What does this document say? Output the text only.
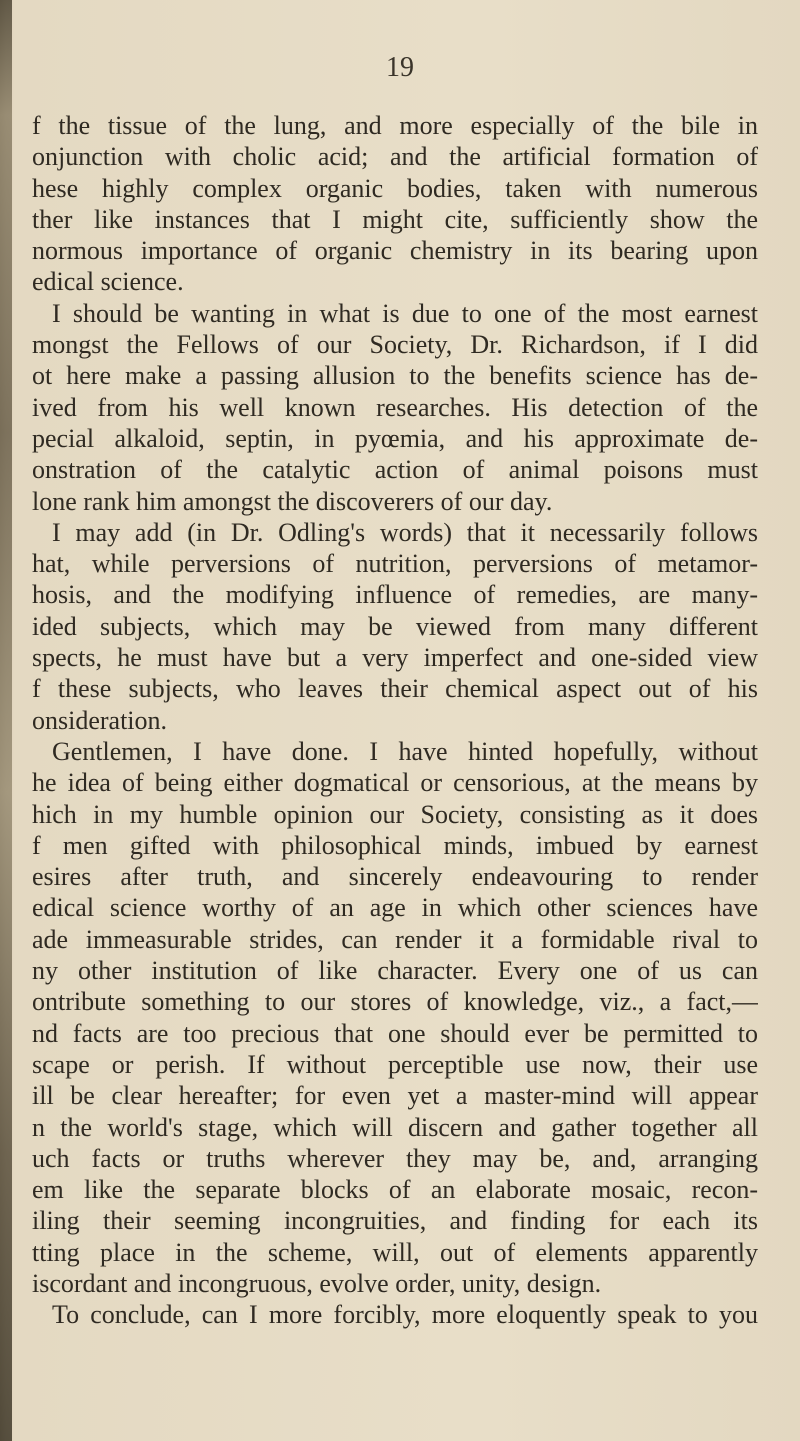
19
f the tissue of the lung, and more especially of the bile in
onjunction with cholic acid; and the artificial formation of
hese highly complex organic bodies, taken with numerous
ther like instances that I might cite, sufficiently show the
normous importance of organic chemistry in its bearing upon
edical science.
I should be wanting in what is due to one of the most earnest
mongst the Fellows of our Society, Dr. Richardson, if I did
ot here make a passing allusion to the benefits science has de-
ived from his well known researches. His detection of the
pecial alkaloid, septin, in pyœmia, and his approximate de-
onstration of the catalytic action of animal poisons must
lone rank him amongst the discoverers of our day.
I may add (in Dr. Odling's words) that it necessarily follows
hat, while perversions of nutrition, perversions of metamor-
hosis, and the modifying influence of remedies, are many-
ided subjects, which may be viewed from many different
spects, he must have but a very imperfect and one-sided view
f these subjects, who leaves their chemical aspect out of his
onsideration.
Gentlemen, I have done. I have hinted hopefully, without
he idea of being either dogmatical or censorious, at the means by
hich in my humble opinion our Society, consisting as it does
f men gifted with philosophical minds, imbued by earnest
esires after truth, and sincerely endeavouring to render
edical science worthy of an age in which other sciences have
ade immeasurable strides, can render it a formidable rival to
ny other institution of like character. Every one of us can
ontribute something to our stores of knowledge, viz., a fact,—
nd facts are too precious that one should ever be permitted to
scape or perish. If without perceptible use now, their use
ill be clear hereafter; for even yet a master-mind will appear
n the world's stage, which will discern and gather together all
uch facts or truths wherever they may be, and, arranging
em like the separate blocks of an elaborate mosaic, recon-
iling their seeming incongruities, and finding for each its
tting place in the scheme, will, out of elements apparently
iscordant and incongruous, evolve order, unity, design.
To conclude, can I more forcibly, more eloquently speak to you
